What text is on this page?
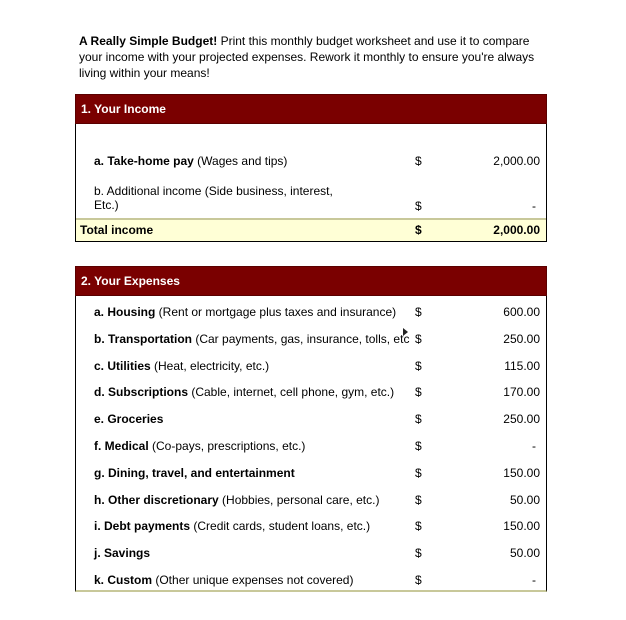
A Really Simple Budget! Print this monthly budget worksheet and use it to compare your income with your projected expenses. Rework it monthly to ensure you're always living within your means!
1. Your Income
a. Take-home pay (Wages and tips)	$	2,000.00
b. Additional income (Side business, interest, Etc.)	$	-
Total income	$	2,000.00
2. Your Expenses
a. Housing (Rent or mortgage plus taxes and insurance) $	600.00
b. Transportation (Car payments, gas, insurance, tolls, etc $	250.00
c. Utilities (Heat, electricity, etc.)	$	115.00
d. Subscriptions (Cable, internet, cell phone, gym, etc.) $	170.00
e. Groceries	$	250.00
f. Medical (Co-pays, prescriptions, etc.)	$	-
g. Dining, travel, and entertainment	$	150.00
h. Other discretionary (Hobbies, personal care, etc.)	$	50.00
i. Debt payments (Credit cards, student loans, etc.)	$	150.00
j. Savings	$	50.00
k. Custom (Other unique expenses not covered)	$	-
